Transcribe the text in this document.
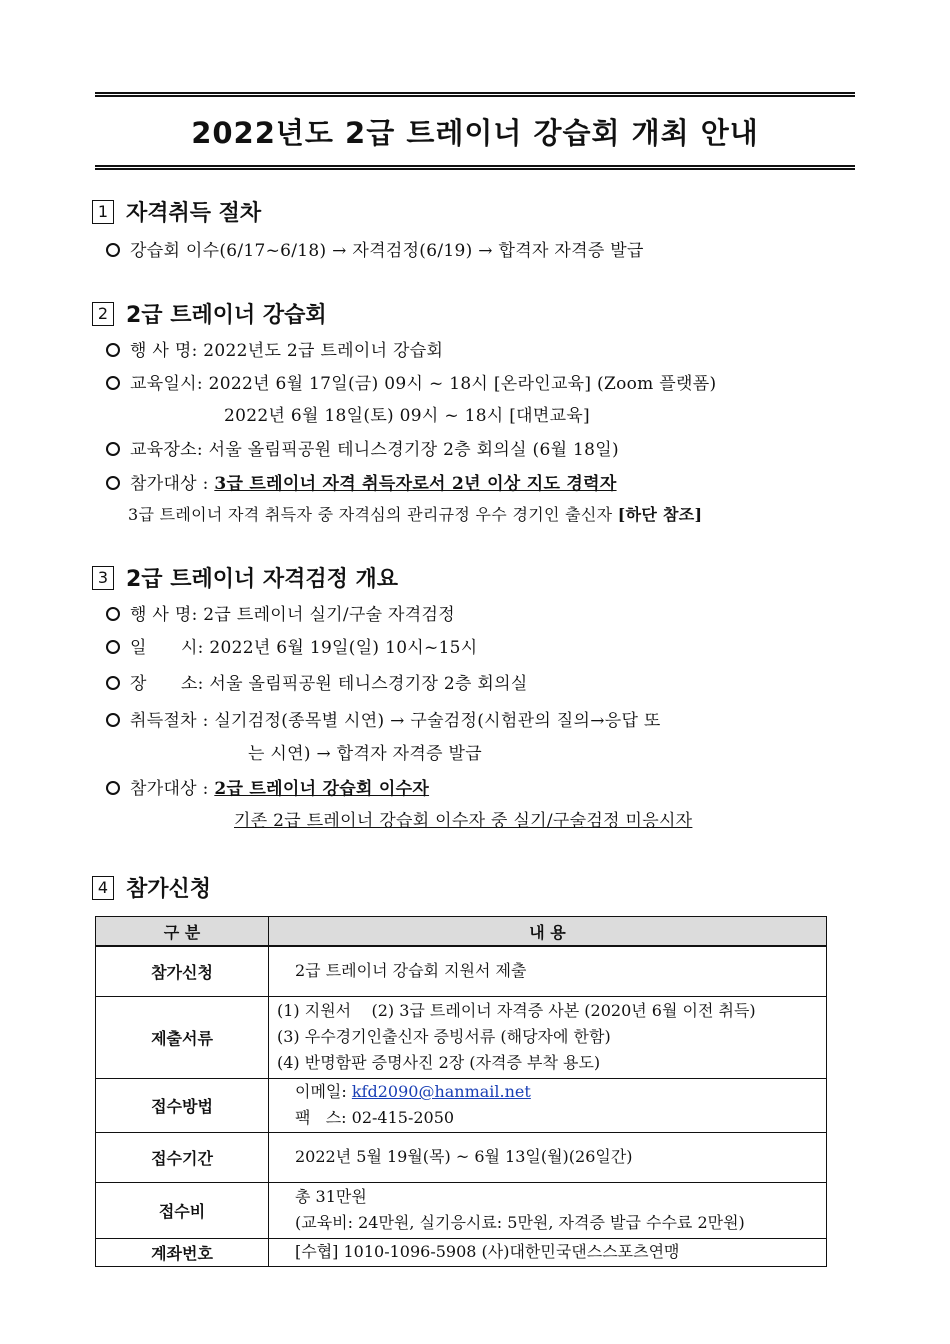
2022년도 2급 트레이너 강습회 개최 안내
1 자격취득 절차
강습회 이수(6/17~6/18) → 자격검정(6/19) → 합격자 자격증 발급
2 2급 트레이너 강습회
행 사 명: 2022년도 2급 트레이너 강습회
교육일시: 2022년 6월 17일(금) 09시 ~ 18시 [온라인교육] (Zoom 플랫폼)
2022년 6월 18일(토) 09시 ~ 18시 [대면교육]
교육장소: 서울 올림픽공원 테니스경기장 2층 회의실 (6월 18일)
참가대상 : 3급 트레이너 자격 취득자로서 2년 이상 지도 경력자
3급 트레이너 자격 취득자 중 자격심의 관리규정 우수 경기인 출신자 [하단 참조]
3 2급 트레이너 자격검정 개요
행 사 명: 2급 트레이너 실기/구술 자격검정
일      시: 2022년 6월 19일(일) 10시~15시
장      소: 서울 올림픽공원 테니스경기장 2층 회의실
취득절차 : 실기검정(종목별 시연) → 구술검정(시험관의 질의→응답 또
는 시연) → 합격자 자격증 발급
참가대상 : 2급 트레이너 강습회 이수자
기존 2급 트레이너 강습회 이수자 중 실기/구술검정 미응시자
4 참가신청
구 분	내 용
참가신청	2급 트레이너 강습회 지원서 제출
제출서류	(1) 지원서    (2) 3급 트레이너 자격증 사본 (2020년 6월 이전 취득)
(3) 우수경기인출신자 증빙서류 (해당자에 한함)
(4) 반명함판 증명사진 2장 (자격증 부착 용도)

접수방법	이메일: kfd2090@hanmail.net
팩   스: 02-415-2050

접수기간	2022년 5월 19월(목) ~ 6월 13일(월)(26일간)
접수비	총 31만원
(교육비: 24만원, 실기응시료: 5만원, 자격증 발급 수수료 2만원)

계좌번호	[수협] 1010-1096-5908 (사)대한민국댄스스포츠연맹
